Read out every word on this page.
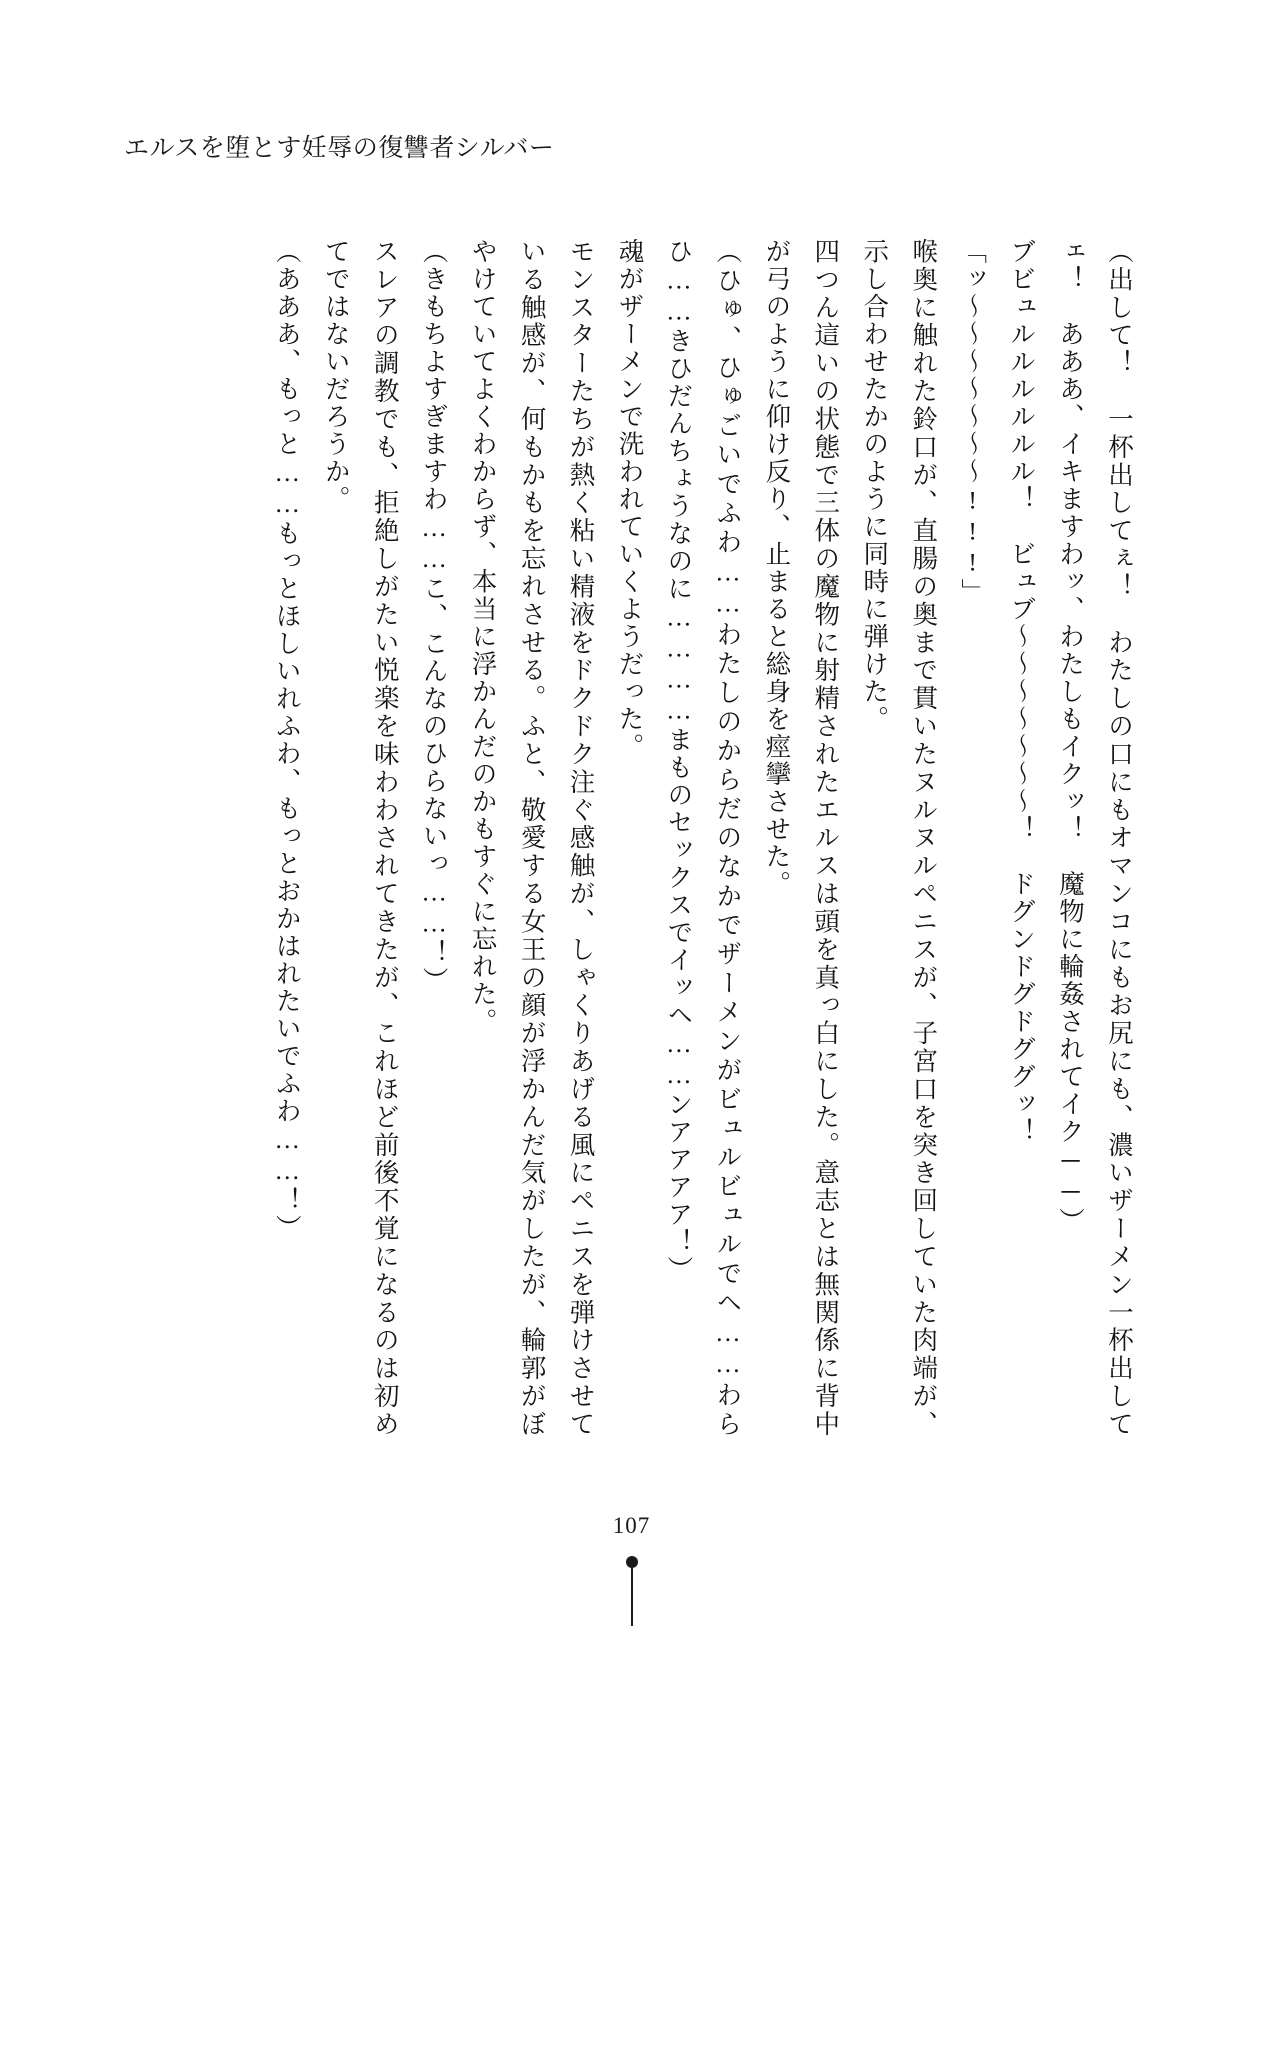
エルスを堕とす妊辱の復讐者シルバー

（出して！　一杯出してぇ！　わたしの口にもオマンコにもお尻にも、濃いザーメン一杯出してェ！　あああ、イキますわッ、わたしもイクッ！　魔物に輪姦されてイク──）

ブビュルルルルルル！　ビュブ〜〜〜〜〜〜〜！　ドグンドグドググッ！

「ッ〜〜〜〜〜〜〜!!!」

喉奥に触れた鈴口が、直腸の奥まで貫いたヌルヌルペニスが、子宮口を突き回していた肉端が、示し合わせたかのように同時に弾けた。

四つん這いの状態で三体の魔物に射精されたエルスは頭を真っ白にした。意志とは無関係に背中が弓のように仰け反り、止まると総身を痙攣させた。

（ひゅ、ひゅごいでふわ……わたしのからだのなかでザーメンがビュルビュルでヘ……わらひ……きひだんちょうなのに…………まものセックスでイッヘ……ンアアアア！）

魂がザーメンで洗われていくようだった。

モンスターたちが熱く粘い精液をドクドク注ぐ感触が、しゃくりあげる風にペニスを弾けさせている触感が、何もかもを忘れさせる。ふと、敬愛する女王の顔が浮かんだ気がしたが、輪郭がぼやけていてよくわからず、本当に浮かんだのかもすぐに忘れた。

（きもちよすぎますわ……こ、こんなのひらないっ……！）

スレアの調教でも、拒絶しがたい悦楽を味わわされてきたが、これほど前後不覚になるのは初めてではないだろうか。

（あああ、もっと……もっとほしいれふわ、もっとおかはれたいでふわ……！）

107
